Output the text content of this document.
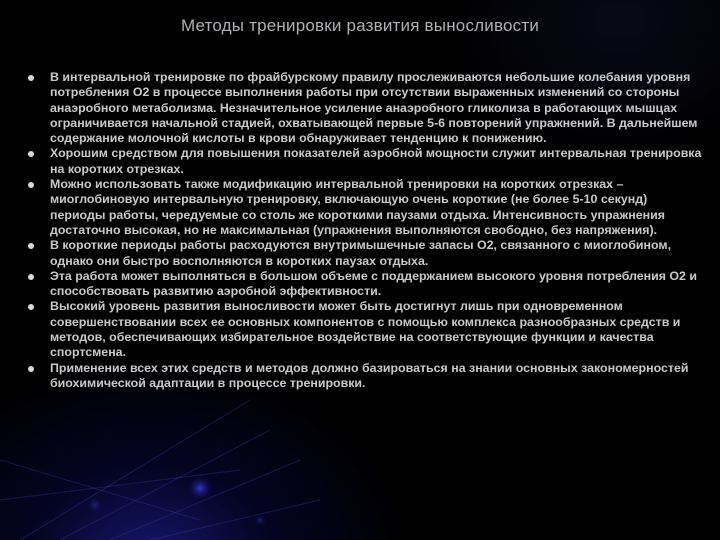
Методы тренировки развития выносливости
В интервальной тренировке по фрайбурскому правилу прослеживаются небольшие колебания уровня потребления О2 в процессе выполнения работы при отсутствии выраженных изменений со стороны анаэробного метаболизма. Незначительное усиление анаэробного гликолиза в работающих мышцах ограничивается начальной стадией, охватывающей первые 5-6 повторений упражнений. В дальнейшем содержание молочной кислоты в крови обнаруживает тенденцию к понижению.
Хорошим средством для повышения показателей аэробной мощности служит интервальная тренировка на коротких отрезках.
Можно использовать также модификацию интервальной тренировки на коротких отрезках – миоглобиновую интервальную тренировку, включающую очень короткие (не более 5-10 секунд) периоды работы, чередуемые со столь же короткими паузами отдыха. Интенсивность упражнения достаточно высокая, но не максимальная (упражнения выполняются свободно, без напряжения).
В короткие периоды работы расходуются внутримышечные запасы О2, связанного с миоглобином, однако они быстро восполняются в коротких паузах отдыха.
Эта работа может выполняться в большом объеме с поддержанием высокого уровня потребления О2 и способствовать развитию аэробной эффективности.
Высокий уровень развития выносливости может быть достигнут лишь при одновременном совершенствовании всех ее основных компонентов с помощью комплекса разнообразных средств и методов, обеспечивающих избирательное воздействие на соответствующие функции и качества спортсмена.
Применение всех этих средств и методов должно базироваться на знании основных закономерностей биохимической адаптации в процессе тренировки.
